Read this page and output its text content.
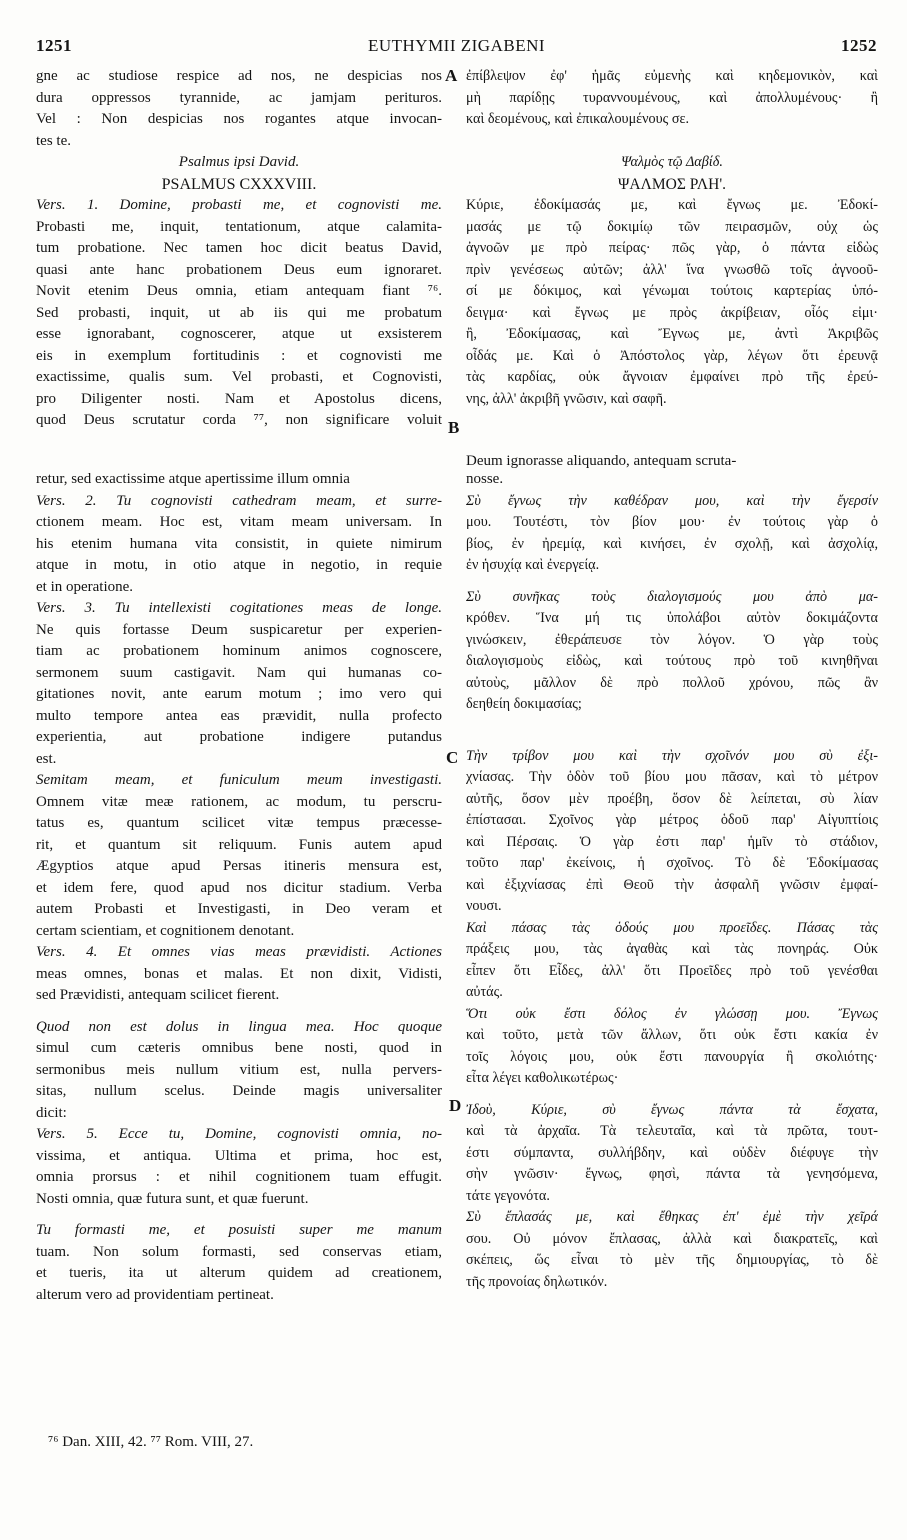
1251	EUTHYMII ZIGABENI	1252
A
B
C
D

gne ac studiose respice ad nos, ne despicias nos

dura oppressos tyrannide, ac jamjam perituros.

Vel : Non despicias nos rogantes atque invocan-

tes te.

Psalmus ipsi David.

PSALMUS CXXXVIII.

Vers. 1. Domine, probasti me, et cognovisti me.

Probasti me, inquit, tentationum, atque calamita-

tum probatione. Nec tamen hoc dicit beatus David,

quasi ante hanc probationem Deus eum ignoraret.

Novit etenim Deus omnia, etiam antequam fiant ⁷⁶.

Sed probasti, inquit, ut ab iis qui me probatum

esse ignorabant, cognoscerer, atque ut exsisterem

eis in exemplum fortitudinis : et cognovisti me

exactissime, qualis sum. Vel probasti, et Cognovisti,

pro Diligenter nosti. Nam et Apostolus dicens,

quod Deus scrutatur corda ⁷⁷, non significare voluit

Deum ignorasse aliquando, antequam scruta-

retur, sed exactissime atque apertissime illum omnia

Vers. 2. Tu cognovisti cathedram meam, et surre-

ctionem meam. Hoc est, vitam meam universam. In

his etenim humana vita consistit, in quiete nimirum

atque in motu, in otio atque in negotio, in requie

et in operatione.

Vers. 3. Tu intellexisti cogitationes meas de longe.

Ne quis fortasse Deum suspicaretur per experien-

tiam ac probationem hominum animos cognoscere,

sermonem suum castigavit. Nam qui humanas co-

gitationes novit, ante earum motum ; imo vero qui

multo tempore antea eas prævidit, nulla profecto

experientia, aut probatione indigere putandus

est.

Semitam meam, et funiculum meum investigasti.

Omnem vitæ meæ rationem, ac modum, tu perscru-

tatus es, quantum scilicet vitæ tempus præcesse-

rit, et quantum sit reliquum. Funis autem apud

Ægyptios atque apud Persas itineris mensura est,

et idem fere, quod apud nos dicitur stadium. Verba

autem Probasti et Investigasti, in Deo veram et

certam scientiam, et cognitionem denotant.

Vers. 4. Et omnes vias meas prævidisti. Actiones

meas omnes, bonas et malas. Et non dixit, Vidisti,

sed Prævidisti, antequam scilicet fierent.

Quod non est dolus in lingua mea. Hoc quoque

simul cum cæteris omnibus bene nosti, quod in

sermonibus meis nullum vitium est, nulla pervers-

sitas, nullum scelus. Deinde magis universaliter

dicit:

Vers. 5. Ecce tu, Domine, cognovisti omnia, no-

vissima, et antiqua. Ultima et prima, hoc est,

omnia prorsus : et nihil cognitionem tuam effugit.

Nosti omnia, quæ futura sunt, et quæ fuerunt.

Tu formasti me, et posuisti super me manum

tuam. Non solum formasti, sed conservas etiam,

et tueris, ita ut alterum quidem ad creationem,

alterum vero ad providentiam pertineat.

ἐπίβλεψον ἐφ' ἡμᾶς εὐμενὴς καὶ κηδεμονικὸν, καὶ

μὴ παρίδῃς τυραννουμένους, καὶ ἀπολλυμένους· ἢ

καὶ δεομένους, καὶ ἐπικαλουμένους σε.

Ψαλμὸς τῷ Δαβίδ.

ΨΑΛΜΟΣ ΡΛΗ'.

Κύριε, ἐδοκίμασάς με, καὶ ἔγνως με. Ἐδοκί-

μασάς με τῷ δοκιμίῳ τῶν πειρασμῶν, οὐχ ὡς

ἀγνοῶν με πρὸ πείρας· πῶς γὰρ, ὁ πάντα εἰδὼς

πρὶν γενέσεως αὐτῶν; ἀλλ' ἵνα γνωσθῶ τοῖς ἀγνοοῦ-

σί με δόκιμος, καὶ γένωμαι τούτοις καρτερίας ὑπό-

δειγμα· καὶ ἔγνως με πρὸς ἀκρίβειαν, οἷός εἰμι·

ἢ, Ἐδοκίμασας, καὶ Ἔγνως με, ἀντὶ Ἀκριβῶς

οἶδάς με. Καὶ ὁ Ἀπόστολος γὰρ, λέγων ὅτι ἐρευνᾷ

τὰς καρδίας, οὐκ ἄγνοιαν ἐμφαίνει πρὸ τῆς ἐρεύ-

νης, ἀλλ' ἀκριβῆ γνῶσιν, καὶ σαφῆ.

nosse.

Σὺ ἔγνως τὴν καθέδραν μου, καὶ τὴν ἔγερσίν

μου. Τουτέστι, τὸν βίον μου· ἐν τούτοις γὰρ ὁ

βίος, ἐν ἠρεμίᾳ, καὶ κινήσει, ἐν σχολῇ, καὶ ἀσχολίᾳ,

ἐν ἡσυχίᾳ καὶ ἐνεργείᾳ.

Σὺ συνῆκας τοὺς διαλογισμούς μου ἀπὸ μα-

κρόθεν. Ἵνα μή τις ὑπολάβοι αὐτὸν δοκιμάζοντα

γινώσκειν, ἐθεράπευσε τὸν λόγον. Ὁ γὰρ τοὺς

διαλογισμοὺς εἰδὼς, καὶ τούτους πρὸ τοῦ κινηθῆναι

αὐτοὺς, μᾶλλον δὲ πρὸ πολλοῦ χρόνου, πῶς ἂν

δεηθείη δοκιμασίας;

Τὴν τρίβον μου καὶ τὴν σχοῖνόν μου σὺ ἐξι-

χνίασας. Τὴν ὁδὸν τοῦ βίου μου πᾶσαν, καὶ τὸ μέτρον

αὐτῆς, ὅσον μὲν προέβη, ὅσον δὲ λείπεται, σὺ λίαν

ἐπίστασαι. Σχοῖνος γὰρ μέτρος ὁδοῦ παρ' Αἰγυπτίοις

καὶ Πέρσαις. Ὁ γὰρ ἐστι παρ' ἡμῖν τὸ στάδιον,

τοῦτο παρ' ἐκείνοις, ἡ σχοῖνος. Τὸ δὲ Ἐδοκίμασας

καὶ ἐξιχνίασας ἐπὶ Θεοῦ τὴν ἀσφαλῆ γνῶσιν ἐμφαί-

νουσι.

Καὶ πάσας τὰς ὁδούς μου προεῖδες. Πάσας τὰς

πράξεις μου, τὰς ἀγαθὰς καὶ τὰς πονηράς. Οὐκ

εἶπεν ὅτι Εἶδες, ἀλλ' ὅτι Προεῖδες πρὸ τοῦ γενέσθαι

αὐτάς.

Ὅτι οὐκ ἔστι δόλος ἐν γλώσσῃ μου. Ἔγνως

καὶ τοῦτο, μετὰ τῶν ἄλλων, ὅτι οὐκ ἔστι κακία ἐν

τοῖς λόγοις μου, οὐκ ἔστι πανουργία ἢ σκολιότης·

εἶτα λέγει καθολικωτέρως·

Ἰδοὺ, Κύριε, σὺ ἔγνως πάντα τὰ ἔσχατα,

καὶ τὰ ἀρχαῖα. Τὰ τελευταῖα, καὶ τὰ πρῶτα, τουτ-

έστι σύμπαντα, συλλήβδην, καὶ οὐδὲν διέφυγε τὴν

σὴν γνῶσιν· ἔγνως, φησὶ, πάντα τὰ γενησόμενα,

τάτε γεγονότα.

Σὺ ἔπλασάς με, καὶ ἔθηκας ἐπ' ἐμὲ τὴν χεῖρά

σου. Οὐ μόνον ἔπλασας, ἀλλὰ καὶ διακρατεῖς, καὶ

σκέπεις, ὥς εἶναι τὸ μὲν τῆς δημιουργίας, τὸ δὲ

τῆς προνοίας δηλωτικόν.

⁷⁶ Dan. XIII, 42. ⁷⁷ Rom. VIII, 27.
